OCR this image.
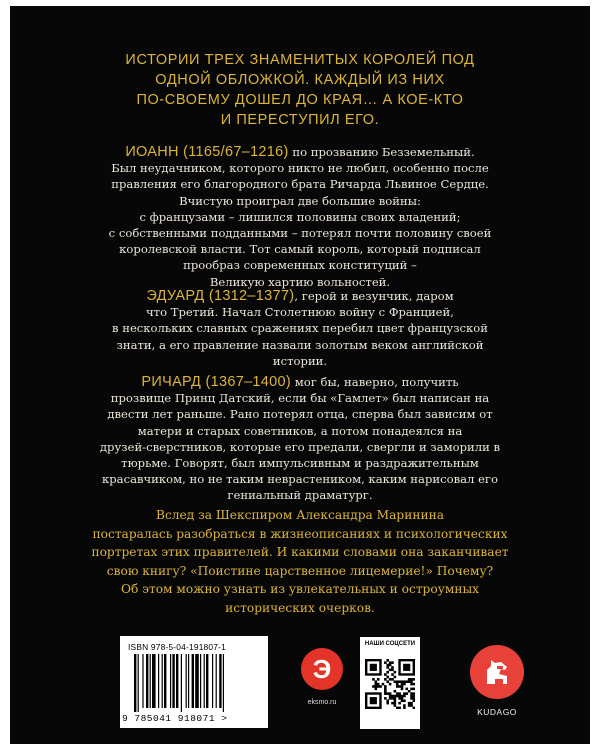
ИСТОРИИ ТРЕХ ЗНАМЕНИТЫХ КОРОЛЕЙ ПОД
ОДНОЙ ОБЛОЖКОЙ. КАЖДЫЙ ИЗ НИХ
ПО-СВОЕМУ ДОШЕЛ ДО КРАЯ… А КОЕ-КТО
И ПЕРЕСТУПИЛ ЕГО.
ИОАНН (1165/67–1216) по прозванию Безземельный.
Был неудачником, которого никто не любил, особенно после
правления его благородного брата Ричарда Львиное Сердце.
Вчистую проиграл две большие войны:
с французами – лишился половины своих владений;
с собственными подданными – потерял почти половину своей
королевской власти. Тот самый король, который подписал
прообраз современных конституций –
Великую хартию вольностей.
ЭДУАРД (1312–1377), герой и везунчик, даром
что Третий. Начал Столетнюю войну с Францией,
в нескольких славных сражениях перебил цвет французской
знати, а его правление назвали золотым веком английской
истории.
РИЧАРД (1367–1400) мог бы, наверно, получить
прозвище Принц Датский, если бы «Гамлет» был написан на
двести лет раньше. Рано потерял отца, сперва был зависим от
матери и старых советников, а потом понадеялся на
друзей-сверстников, которые его предали, свергли и заморили в
тюрьме. Говорят, был импульсивным и раздражительным
красавчиком, но не таким неврастеником, каким нарисовал его
гениальный драматург.
Вслед за Шекспиром Александра Маринина
постаралась разобраться в жизнеописаниях и психологических
портретах этих правителей. И какими словами она заканчивает
свою книгу? «Поистине царственное лицемерие!» Почему?
Об этом можно узнать из увлекательных и остроумных
исторических очерков.
ISBN 978-5-04-191807-1
9 785041 918071 >
Э
eksmo.ru
НАШИ СОЦСЕТИ
KUDAGO
